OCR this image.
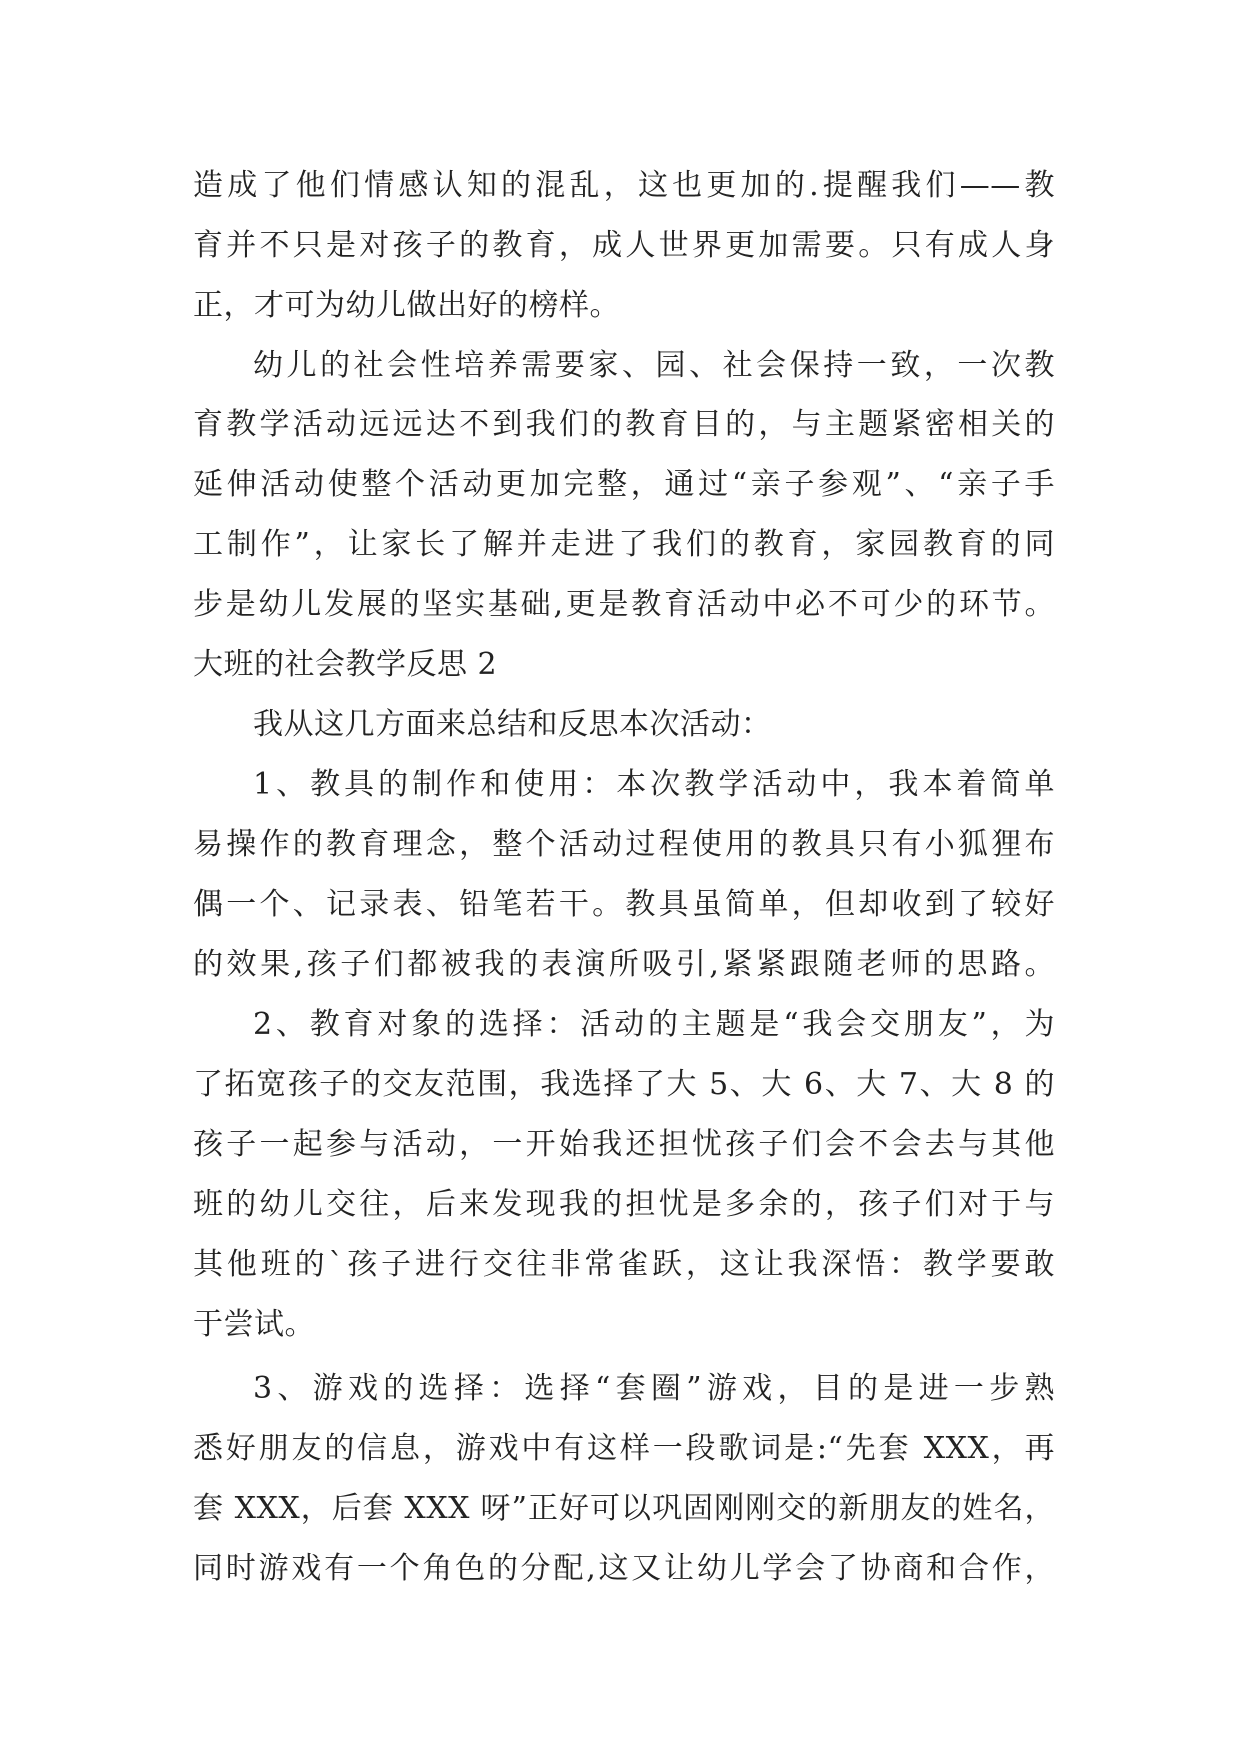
造成了他们情感认知的混乱，这也更加的.提醒我们——教
育并不只是对孩子的教育，成人世界更加需要。只有成人身
正，才可为幼儿做出好的榜样。
幼儿的社会性培养需要家、园、社会保持一致，一次教
育教学活动远远达不到我们的教育目的，与主题紧密相关的
延伸活动使整个活动更加完整，通过“亲子参观”、“亲子手
工制作”，让家长了解并走进了我们的教育，家园教育的同
步是幼儿发展的坚实基础,更是教育活动中必不可少的环节。
大班的社会教学反思 2
我从这几方面来总结和反思本次活动：
1、教具的制作和使用：本次教学活动中，我本着简单
易操作的教育理念，整个活动过程使用的教具只有小狐狸布
偶一个、记录表、铅笔若干。教具虽简单，但却收到了较好
的效果,孩子们都被我的表演所吸引,紧紧跟随老师的思路。
2、教育对象的选择：活动的主题是“我会交朋友”，为
了拓宽孩子的交友范围，我选择了大 5、大 6、大 7、大 8 的
孩子一起参与活动，一开始我还担忧孩子们会不会去与其他
班的幼儿交往，后来发现我的担忧是多余的，孩子们对于与
其他班的`孩子进行交往非常雀跃，这让我深悟：教学要敢
于尝试。
3、游戏的选择：选择“套圈”游戏，目的是进一步熟
悉好朋友的信息，游戏中有这样一段歌词是:“先套 XXX，再
套 XXX，后套 XXX 呀”正好可以巩固刚刚交的新朋友的姓名，
同时游戏有一个角色的分配,这又让幼儿学会了协商和合作，
